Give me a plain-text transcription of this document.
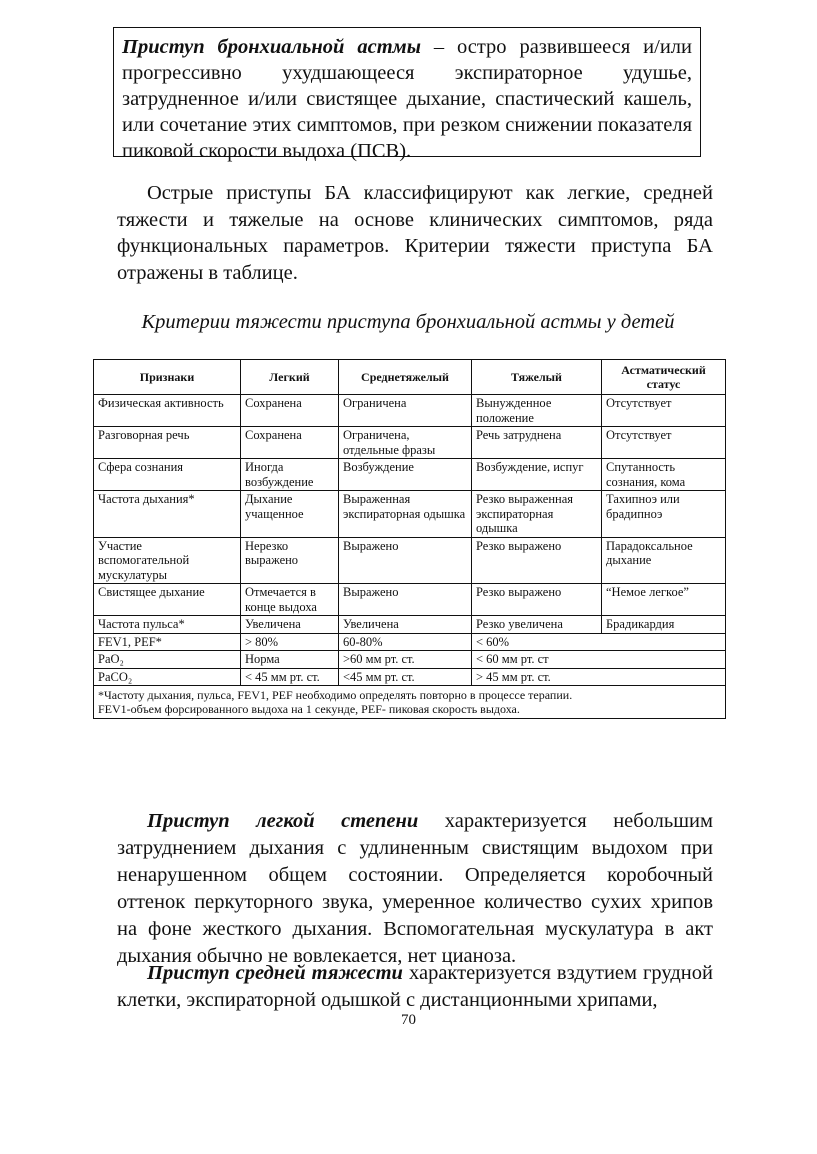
Приступ бронхиальной астмы – остро развившееся и/или прогрессивно ухудшающееся экспираторное удушье, затрудненное и/или свистящее дыхание, спастический кашель, или сочетание этих симптомов, при резком снижении показателя пиковой скорости выдоха (ПСВ).
Острые приступы БА классифицируют как легкие, средней тяжести и тяжелые на основе клинических симптомов, ряда функциональных параметров. Критерии тяжести приступа БА отражены в таблице.
Критерии тяжести приступа бронхиальной астмы у детей
Признаки	Легкий	Среднетяжелый	Тяжелый	Астматический статус
Физическая активность	Сохранена	Ограничена	Вынужденное положение	Отсутствует
Разговорная речь	Сохранена	Ограничена, отдельные фразы	Речь затруднена	Отсутствует
Сфера сознания	Иногда возбуждение	Возбуждение	Возбуждение, испуг	Спутанность сознания, кома
Частота дыхания*	Дыхание учащенное	Выраженная экспираторная одышка	Резко выраженная экспираторная одышка	Тахипноэ или брадипноэ
Участие вспомогательной мускулатуры	Нерезко выражено	Выражено	Резко выражено	Парадоксальное дыхание
Свистящее дыхание	Отмечается в конце выдоха	Выражено	Резко выражено	“Немое легкое”
Частота пульса*	Увеличена	Увеличена	Резко увеличена	Брадикардия
FEV1, PEF*	> 80%	60-80%	< 60%	
PaO₂	Норма	>60 мм рт. ст.	< 60 мм рт. ст	
PaCO₂	< 45 мм рт. ст.	<45 мм рт. ст.	> 45 мм рт. ст.	

*Частоту дыхания, пульса, FEV1, PEF необходимо определять повторно в процессе терапии.
FEV1-объем форсированного выдоха на 1 секунде, PEF- пиковая скорость выдоха.				
Приступ легкой степени характеризуется небольшим затруднением дыхания с удлиненным свистящим выдохом при ненарушенном общем состоянии. Определяется коробочный оттенок перкуторного звука, умеренное количество сухих хрипов на фоне жесткого дыхания. Вспомогательная мускулатура в акт дыхания обычно не вовлекается, нет цианоза.
Приступ средней тяжести характеризуется вздутием грудной клетки, экспираторной одышкой с дистанционными хрипами,
70
